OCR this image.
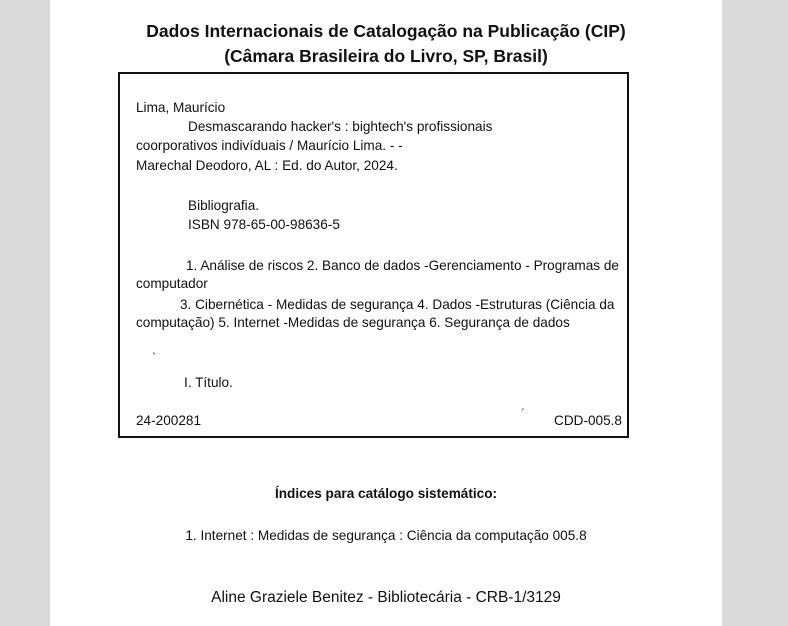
Dados Internacionais de Catalogação na Publicação (CIP)
(Câmara Brasileira do Livro, SP, Brasil)
Lima, Maurício
Desmascarando hacker's : bightech's profissionais
coorporativos indivíduais / Maurício Lima. - -
Marechal Deodoro, AL : Ed. do Autor, 2024.
Bibliografia.
ISBN 978-65-00-98636-5
1. Análise de riscos 2. Banco de dados -Gerenciamento - Programas de computador
3. Cibernética - Medidas de segurança 4. Dados -Estruturas (Ciência da computação) 5. Internet -Medidas de segurança 6. Segurança de dados
`
I. Título.
24-200281	´ CDD-005.8
Índices para catálogo sistemático:
1. Internet : Medidas de segurança : Ciência da computação 005.8
Aline Graziele Benitez - Bibliotecária - CRB-1/3129
